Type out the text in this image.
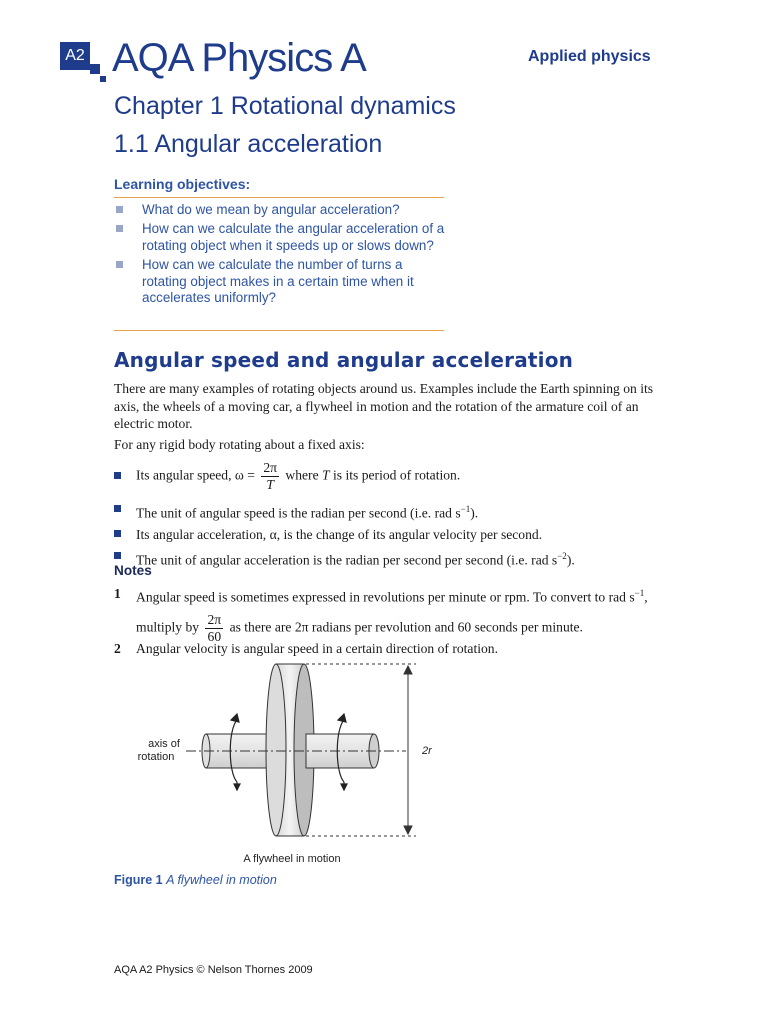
A2 AQA Physics A	Applied physics
Chapter 1 Rotational dynamics
1.1 Angular acceleration
Learning objectives:
What do we mean by angular acceleration?
How can we calculate the angular acceleration of a rotating object when it speeds up or slows down?
How can we calculate the number of turns a rotating object makes in a certain time when it accelerates uniformly?
Angular speed and angular acceleration
There are many examples of rotating objects around us. Examples include the Earth spinning on its axis, the wheels of a moving car, a flywheel in motion and the rotation of the armature coil of an electric motor.
For any rigid body rotating about a fixed axis:
Its angular speed, $\omega = \frac{2\pi}{T}$ where T is its period of rotation.
The unit of angular speed is the radian per second (i.e. rad $s^{-1}$).
Its angular acceleration, α, is the change of its angular velocity per second.
The unit of angular acceleration is the radian per second per second (i.e. rad $s^{-2}$).
Notes
1 Angular speed is sometimes expressed in revolutions per minute or rpm. To convert to rad $s^{-1}$,
multiply by $\frac{2\pi}{60}$ as there are 2π radians per revolution and 60 seconds per minute.
2 Angular velocity is angular speed in a certain direction of rotation.
axis of
rotation	2r
A flywheel in motion
Figure 1 A flywheel in motion
AQA A2 Physics © Nelson Thornes 2009
